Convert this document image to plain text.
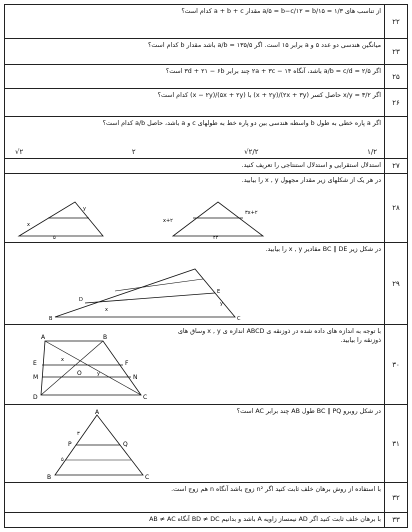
۲۲
از تناسب های a/۵ = b−c/۱۲ = b/۱۵ = ۱/۳ مقدار a + b + c کدام است؟
۲۳
میانگین هندسی دو عدد ۵ و a برابر ۱۵ است. اگر a/b = ۱۳۵/۵ باشد مقدار b کدام است؟
۲۵
اگر a/b = c/d = ۲/۵ باشد، آنگاه ۲a + ۳c − ۱۴ چند برابر ۳d + ۲۱ − ۶b است؟
۲۶
اگر x/y = ۳/۲ حاصل کسر (۲x + ۳y)/(x + ۲y) با (۵x + ۲y)/(x − ۲y) کدام است؟
اگر a پاره خطی به طول b واسطه هندسی بین دو پاره خط به طولهای c و a باشد، حاصل a/b کدام است؟
√۲	۲	√۲/۲	۱/۲
۲۷
استدلال استقرایی و استدلال استنتاجی را تعریف کنید.
۲۸
در هر یک از شکلهای زیر مقدار مجهول x , y را بیابید.
x
y
۵
x+۲
۳x+۲
۲۴
۲۹
در شکل زیر BC ∥ DE مقادیر x , y را بیابید.
B	C
D
E
x
y
۳۰
با توجه به اندازه های داده شده در ذوزنقه ی ABCD اندازه ی x , y وساق های ذوزنقه را بیابید.
A	B
C
D
E	F
O
M	N
x
y
۳۱
در شکل روبرو BC ∥ PQ طول AB چند برابر AC است؟
A
B	C
P	Q
۳
۵
۳۲
با استفاده از روش برهان خلف ثابت کنید اگر n² زوج باشد آنگاه n هم زوج است.
۳۳
با برهان خلف ثابت کنید اگر AD نیمساز زاویه A باشد و بدانیم BD ≠ DC آنگاه AB ≠ AC
